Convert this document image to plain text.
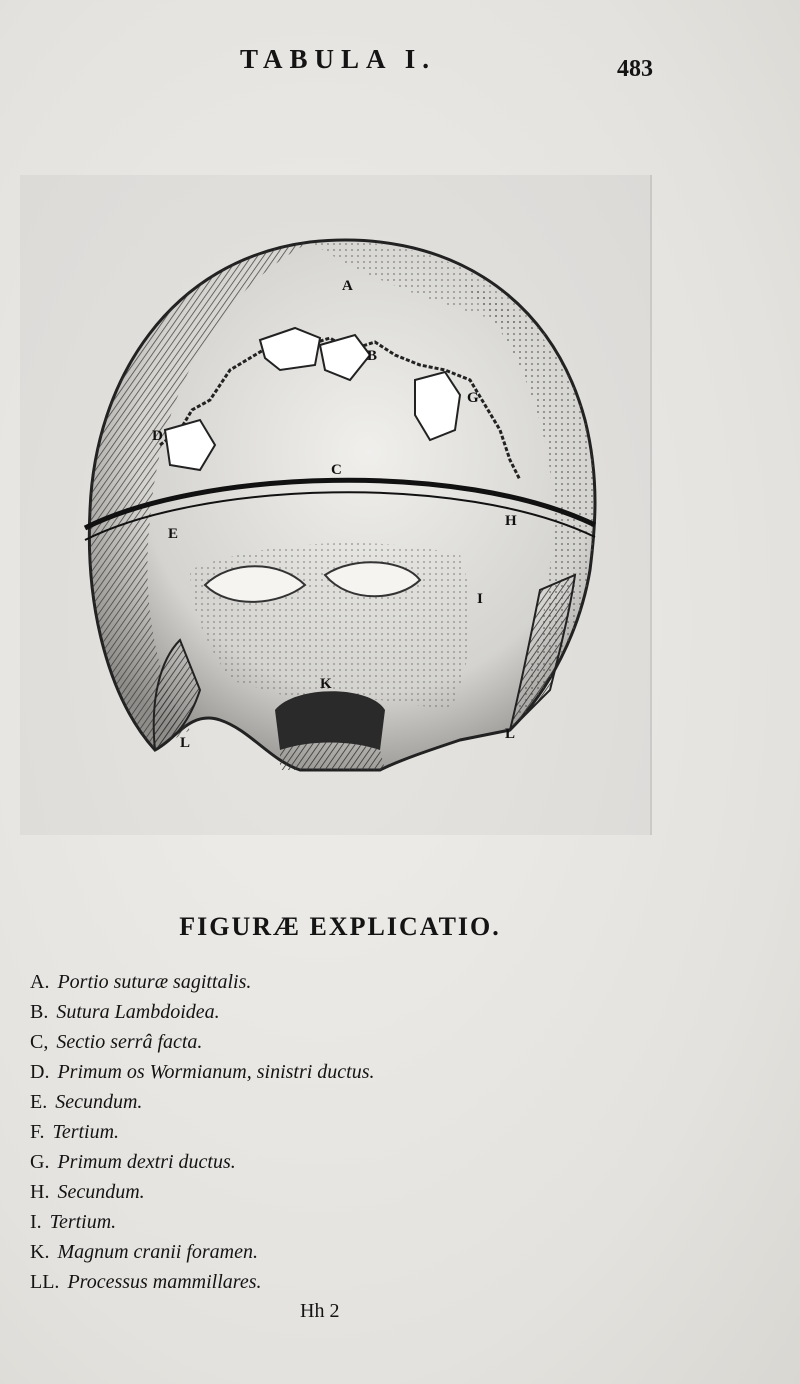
TABULA I.	483
A
B
C
D
E
G
H
I
K
L
L
FIGURÆ EXPLICATIO.
A. Portio suturæ sagittalis.
B. Sutura Lambdoidea.
C, Sectio serrâ facta.
D. Primum os Wormianum, sinistri ductus.
E. Secundum.
F. Tertium.
G. Primum dextri ductus.
H. Secundum.
I. Tertium.
K. Magnum cranii foramen.
LL. Processus mammillares.
Hh 2
